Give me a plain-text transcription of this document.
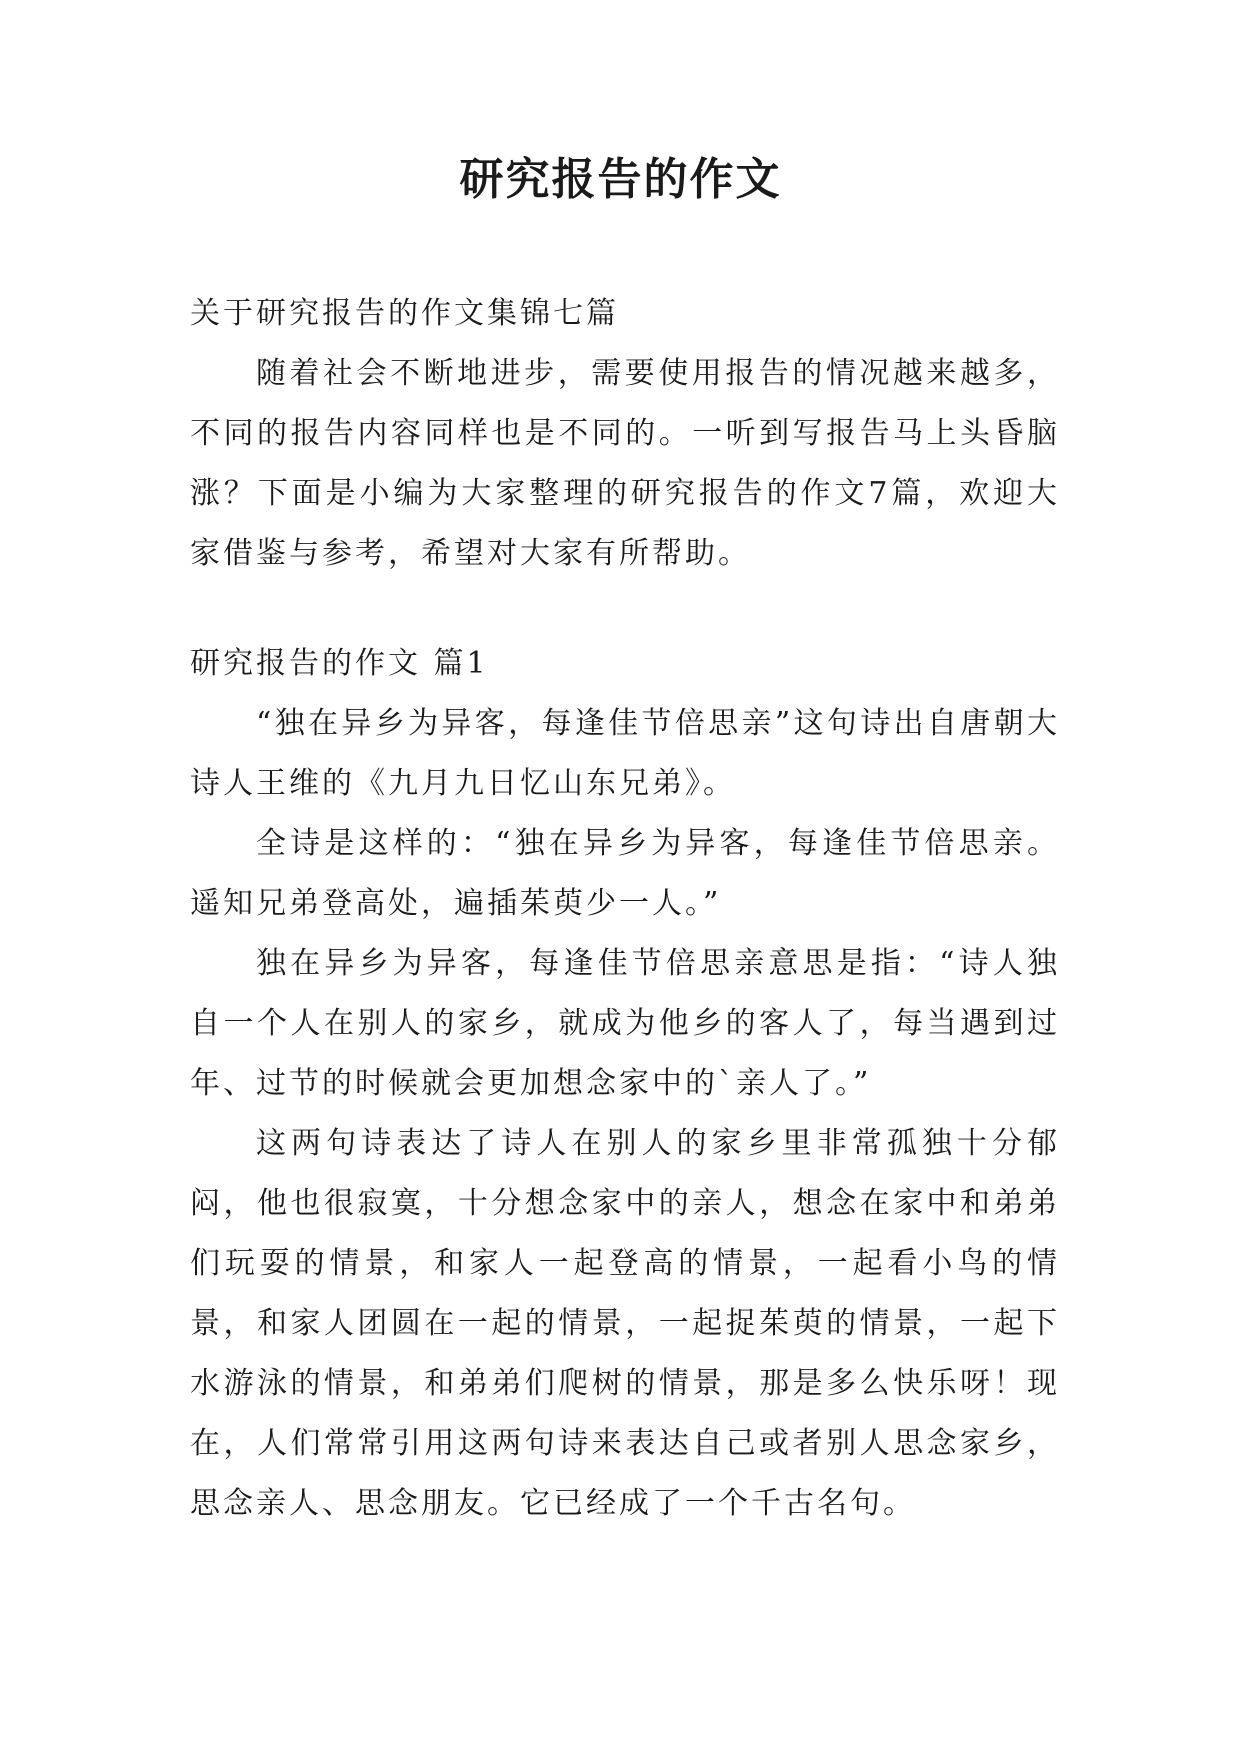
研究报告的作文

关于研究报告的作文集锦七篇

随着社会不断地进步，需要使用报告的情况越来越多，不同的报告内容同样也是不同的。一听到写报告马上头昏脑涨？下面是小编为大家整理的研究报告的作文7篇，欢迎大家借鉴与参考，希望对大家有所帮助。

研究报告的作文 篇1

“独在异乡为异客，每逢佳节倍思亲”这句诗出自唐朝大诗人王维的《九月九日忆山东兄弟》。

全诗是这样的：“独在异乡为异客，每逢佳节倍思亲。遥知兄弟登高处，遍插茱萸少一人。”

独在异乡为异客，每逢佳节倍思亲意思是指：“诗人独自一个人在别人的家乡，就成为他乡的客人了，每当遇到过年、过节的时候就会更加想念家中的`亲人了。”

这两句诗表达了诗人在别人的家乡里非常孤独十分郁闷，他也很寂寞，十分想念家中的亲人，想念在家中和弟弟们玩耍的情景，和家人一起登高的情景，一起看小鸟的情景，和家人团圆在一起的情景，一起捉茱萸的情景，一起下水游泳的情景，和弟弟们爬树的情景，那是多么快乐呀！现在，人们常常引用这两句诗来表达自己或者别人思念家乡，思念亲人、思念朋友。它已经成了一个千古名句。
